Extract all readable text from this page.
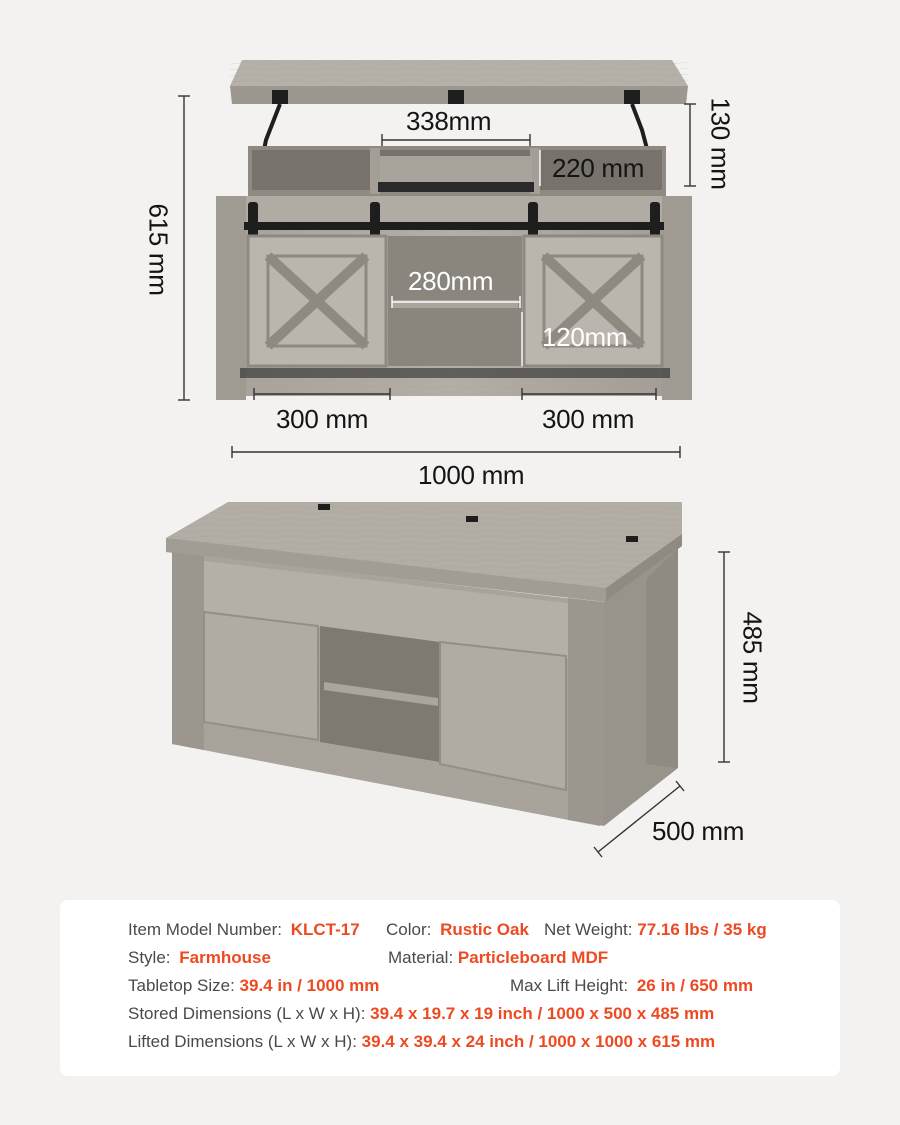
338mm	130 mm
220 mm
615 mm	280mm
120mm
300 mm	300 mm
1000 mm
485 mm
500 mm
Item Model Number: KLCT-17 Color: Rustic Oak Net Weight: 77.16 lbs / 35 kg
Style: Farmhouse	Material: Particleboard MDF
Tabletop Size: 39.4 in / 1000 mm	Max Lift Height: 26 in / 650 mm
Stored Dimensions (L x W x H): 39.4 x 19.7 x 19 inch / 1000 x 500 x 485 mm
Lifted Dimensions (L x W x H): 39.4 x 39.4 x 24 inch / 1000 x 1000 x 615 mm
